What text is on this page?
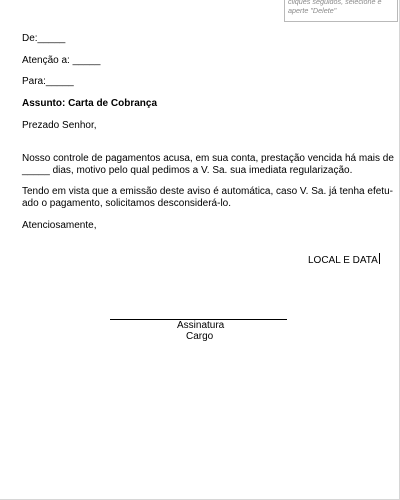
cliques seguidos, selecione e
aperte "Delete"
De:_____
Atenção a: _____
Para:_____
Assunto: Carta de Cobrança
Prezado Senhor,
Nosso controle de pagamentos acusa, em sua conta, prestação vencida há mais de
_____ dias, motivo pelo qual pedimos a V. Sa. sua imediata regularização.
Tendo em vista que a emissão deste aviso é automática, caso V. Sa. já tenha efetu-
ado o pagamento, solicitamos desconsiderá-lo.
Atenciosamente,
LOCAL E DATA
Assinatura
Cargo
